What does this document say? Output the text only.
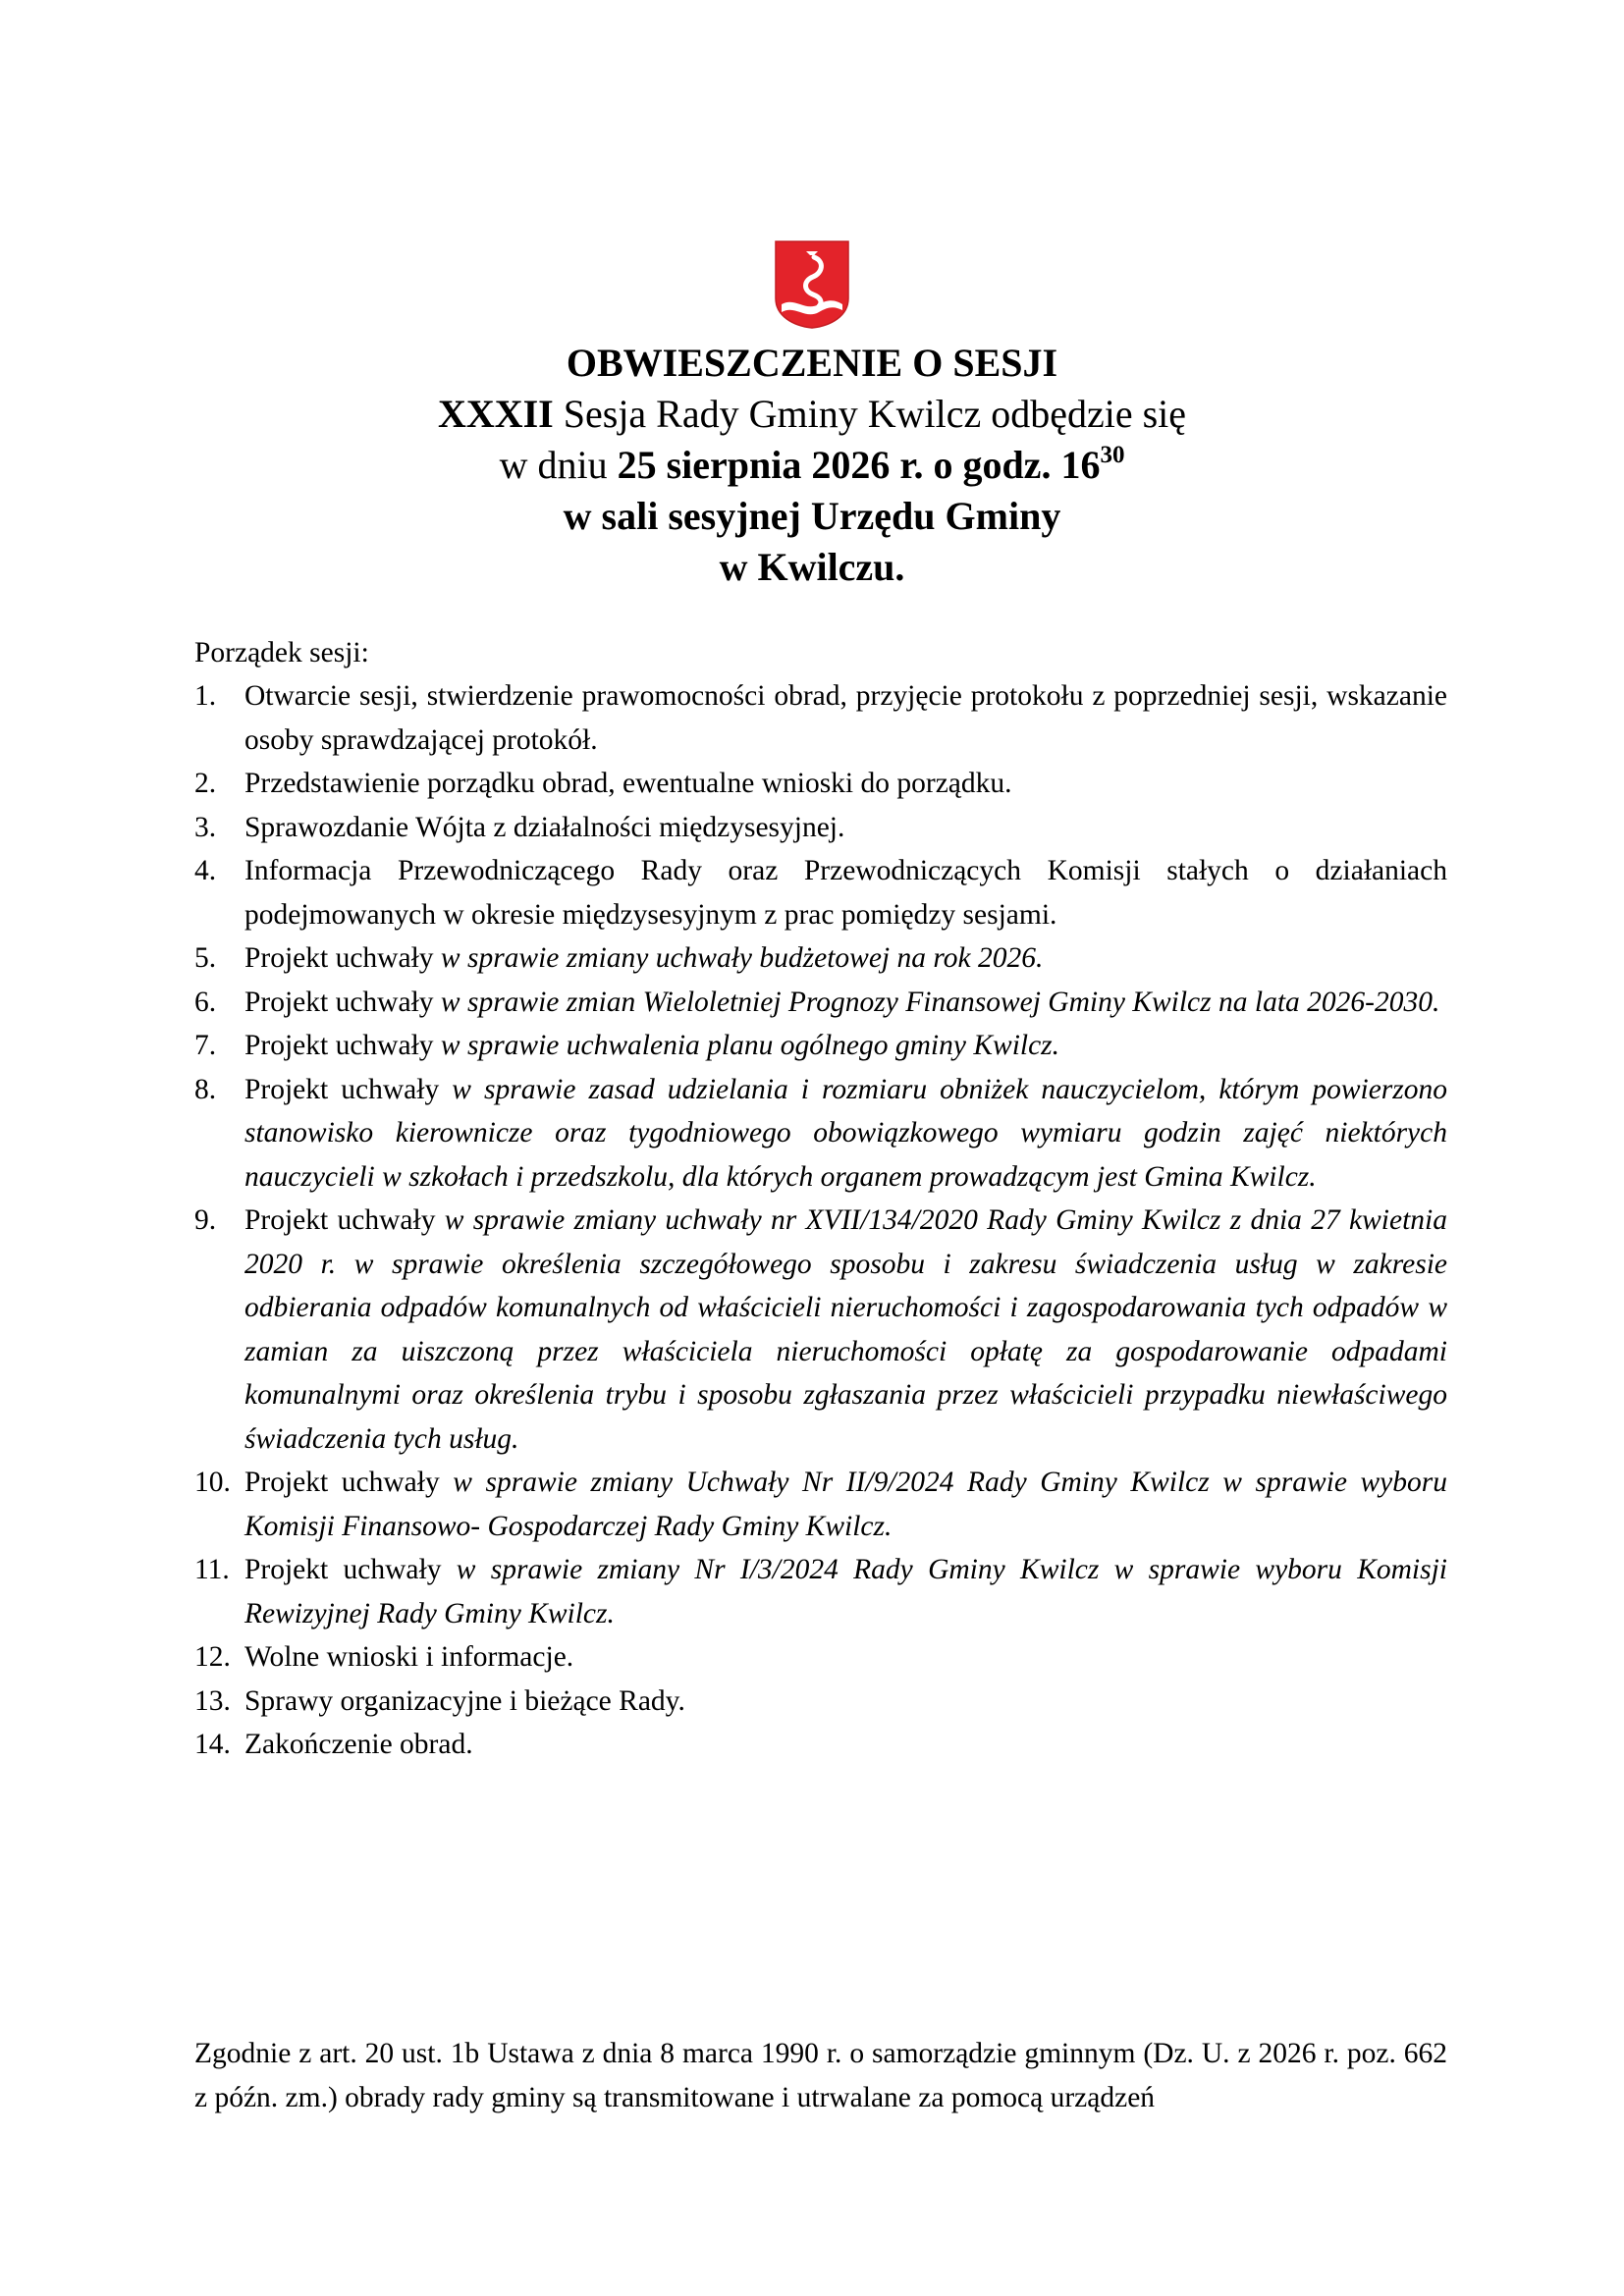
OBWIESZCZENIE O SESJI
XXXII Sesja Rady Gminy Kwilcz odbędzie się
w dniu 25 sierpnia 2026 r. o godz. $16^{30}$
w sali sesyjnej Urzędu Gminy
w Kwilczu.

Porządek sesji:

1. Otwarcie sesji, stwierdzenie prawomocności obrad, przyjęcie protokołu z poprzedniej sesji, wskazanie osoby sprawdzającej protokół.
2. Przedstawienie porządku obrad, ewentualne wnioski do porządku.
3. Sprawozdanie Wójta z działalności międzysesyjnej.
4. Informacja Przewodniczącego Rady oraz Przewodniczących Komisji stałych o działaniach podejmowanych w okresie międzysesyjnym z prac pomiędzy sesjami.
5. Projekt uchwały w sprawie zmiany uchwały budżetowej na rok 2026.
6. Projekt uchwały w sprawie zmian Wieloletniej Prognozy Finansowej Gminy Kwilcz na lata 2026-2030.
7. Projekt uchwały w sprawie uchwalenia planu ogólnego gminy Kwilcz.
8. Projekt uchwały w sprawie zasad udzielania i rozmiaru obniżek nauczycielom, którym powierzono stanowisko kierownicze oraz tygodniowego obowiązkowego wymiaru godzin zajęć niektórych nauczycieli w szkołach i przedszkolu, dla których organem prowadzącym jest Gmina Kwilcz.
9. Projekt uchwały w sprawie zmiany uchwały nr XVII/134/2020 Rady Gminy Kwilcz z dnia 27 kwietnia 2020 r. w sprawie określenia szczegółowego sposobu i zakresu świadczenia usług w zakresie odbierania odpadów komunalnych od właścicieli nieruchomości i zagospodarowania tych odpadów w zamian za uiszczoną przez właściciela nieruchomości opłatę za gospodarowanie odpadami komunalnymi oraz określenia trybu i sposobu zgłaszania przez właścicieli przypadku niewłaściwego świadczenia tych usług.
10. Projekt uchwały w sprawie zmiany Uchwały Nr II/9/2024 Rady Gminy Kwilcz w sprawie wyboru Komisji Finansowo- Gospodarczej Rady Gminy Kwilcz.
11. Projekt uchwały w sprawie zmiany Nr I/3/2024 Rady Gminy Kwilcz w sprawie wyboru Komisji Rewizyjnej Rady Gminy Kwilcz.
12. Wolne wnioski i informacje.
13. Sprawy organizacyjne i bieżące Rady.
14. Zakończenie obrad.

Zgodnie z art. 20 ust. 1b Ustawa z dnia 8 marca 1990 r. o samorządzie gminnym (Dz. U. z 2026 r. poz. 662 z późn. zm.) obrady rady gminy są transmitowane i utrwalane za pomocą urządzeń
